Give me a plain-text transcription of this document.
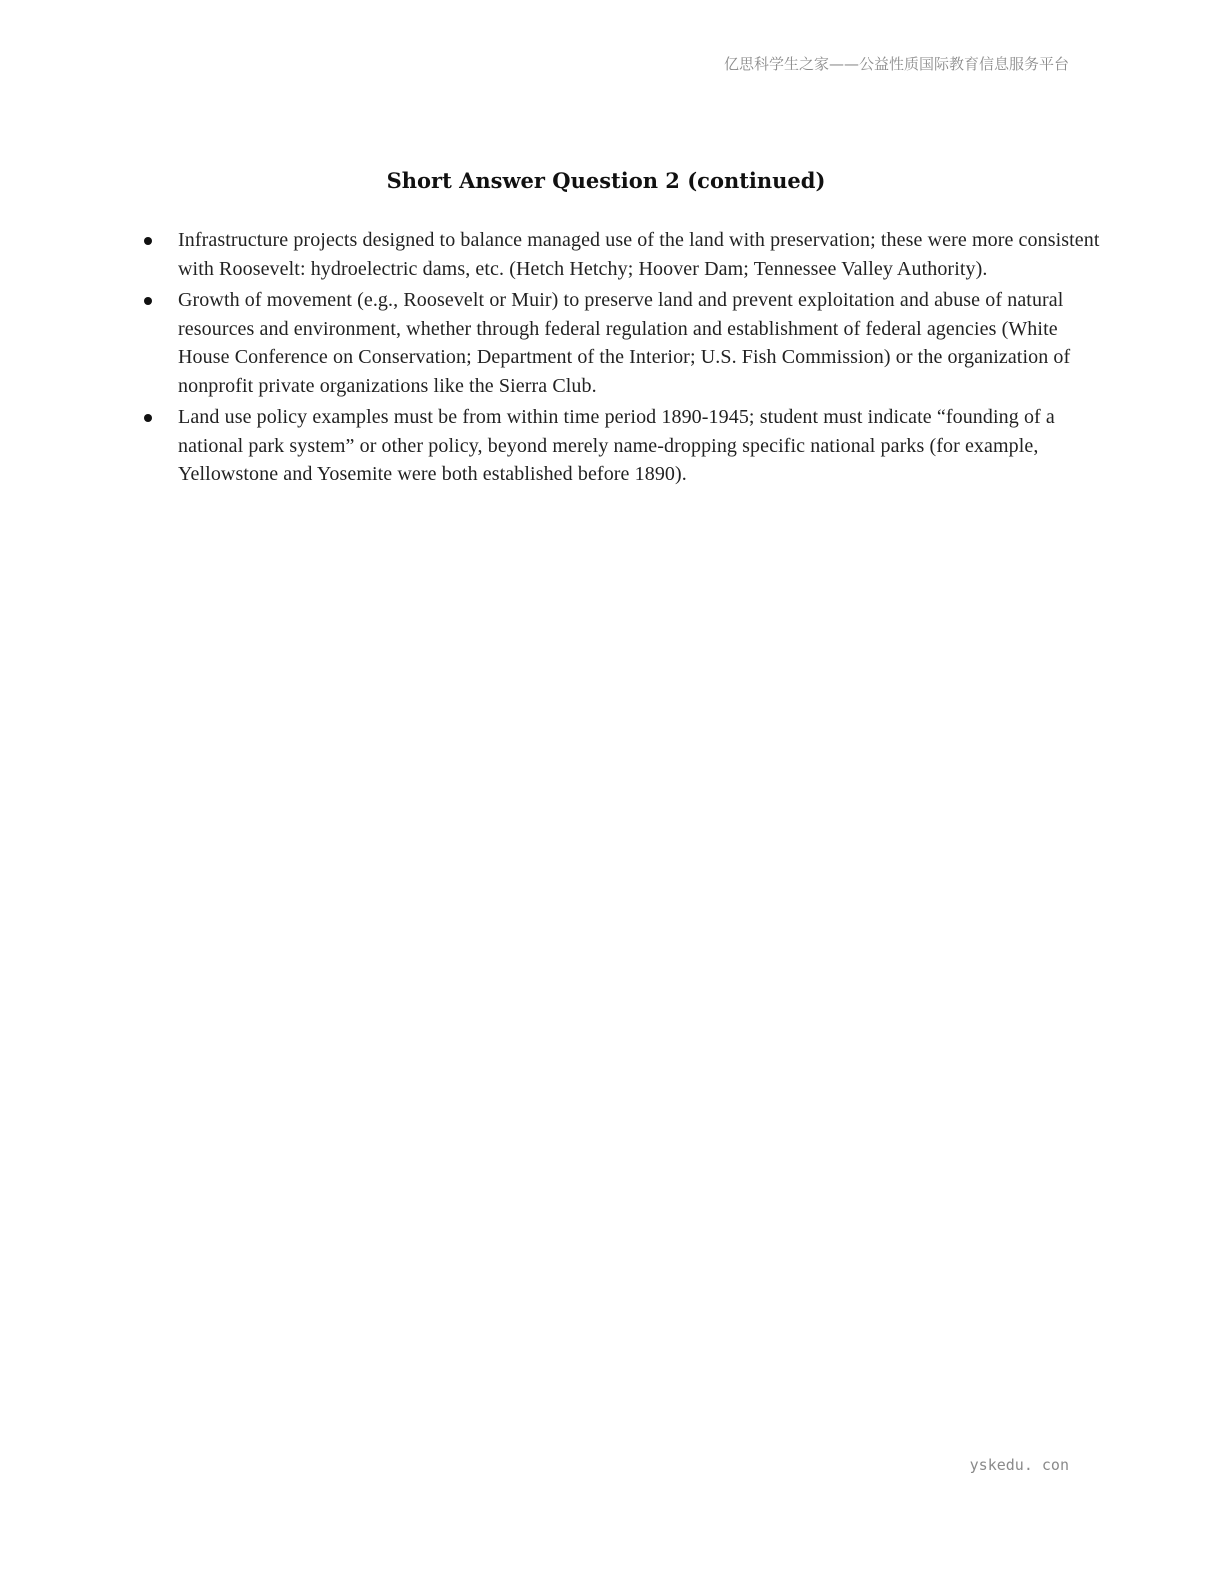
亿思科学生之家——公益性质国际教育信息服务平台
Short Answer Question 2 (continued)
Infrastructure projects designed to balance managed use of the land with preservation; these were more consistent with Roosevelt: hydroelectric dams, etc. (Hetch Hetchy; Hoover Dam; Tennessee Valley Authority).
Growth of movement (e.g., Roosevelt or Muir) to preserve land and prevent exploitation and abuse of natural resources and environment, whether through federal regulation and establishment of federal agencies (White House Conference on Conservation; Department of the Interior; U.S. Fish Commission) or the organization of nonprofit private organizations like the Sierra Club.
Land use policy examples must be from within time period 1890-1945; student must indicate “founding of a national park system” or other policy, beyond merely name-dropping specific national parks (for example, Yellowstone and Yosemite were both established before 1890).
yskedu. con
